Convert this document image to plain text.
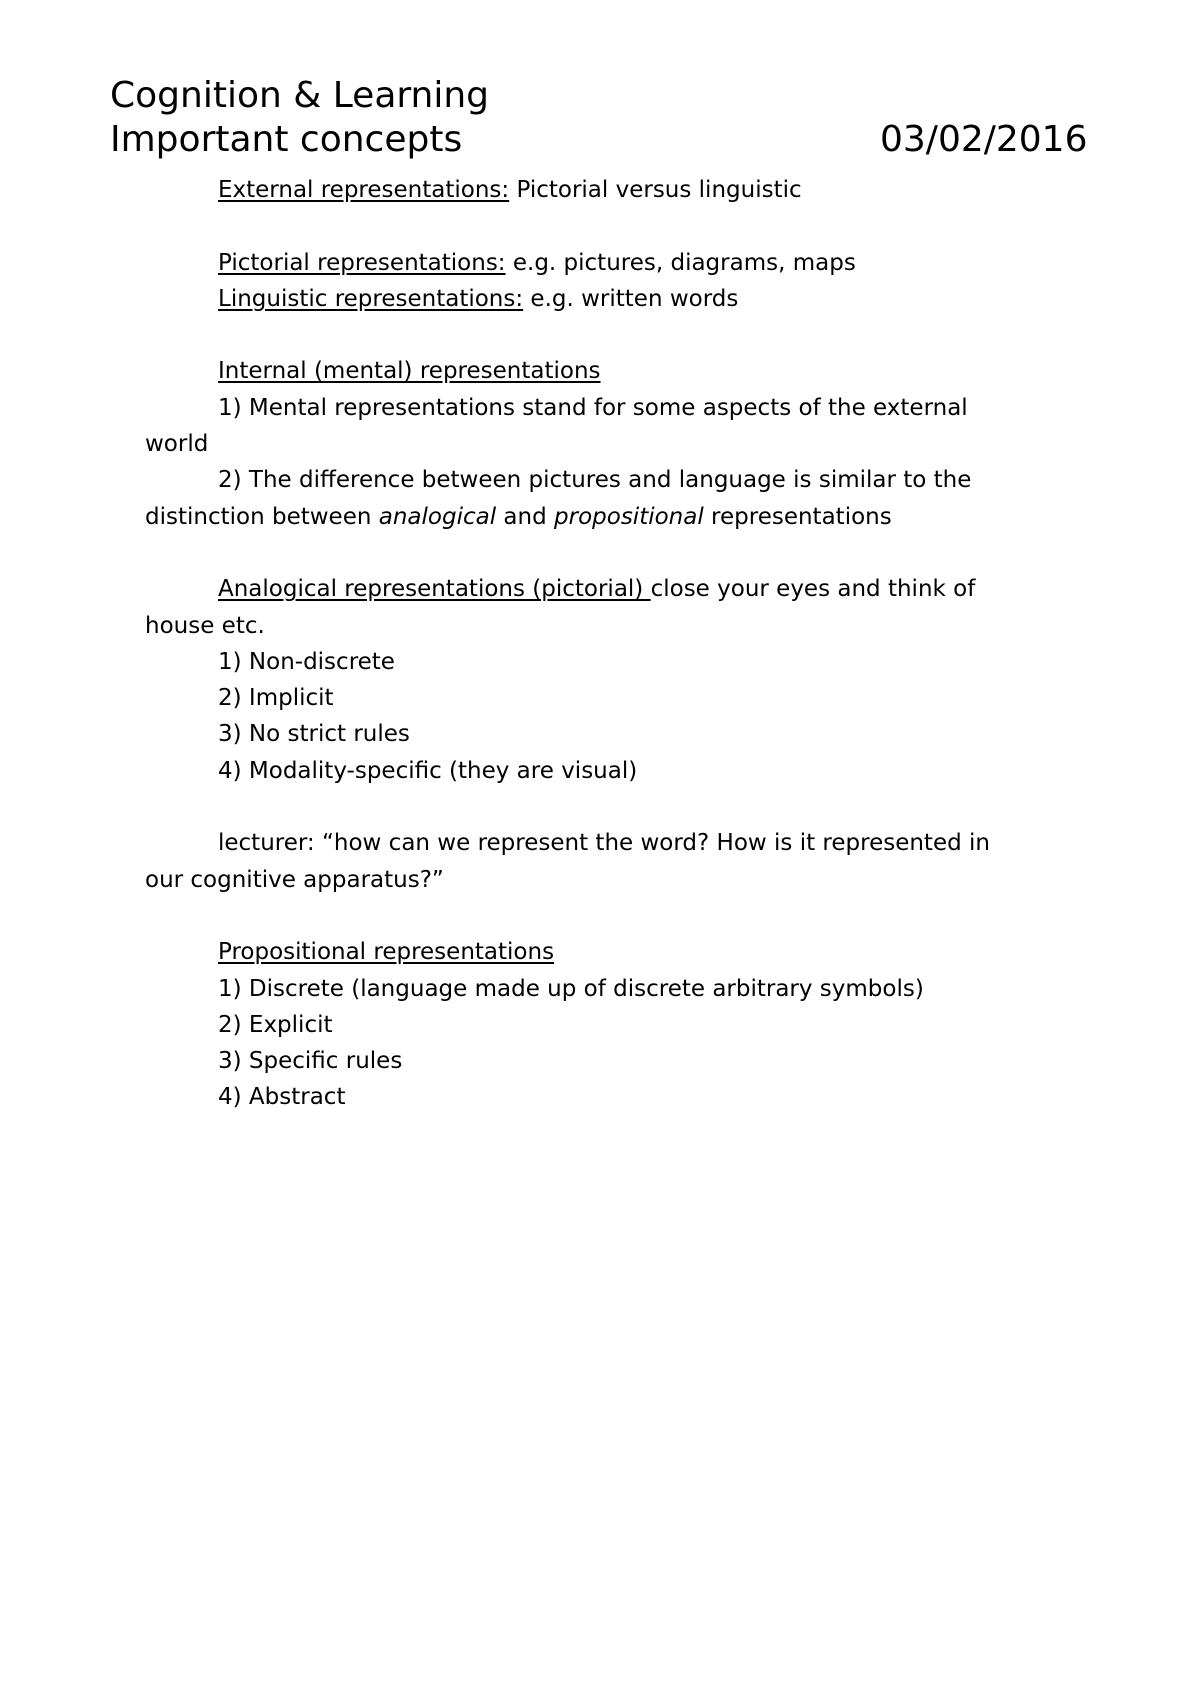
Cognition & Learning
Important concepts	03/02/2016
External representations: Pictorial versus linguistic
Pictorial representations: e.g. pictures, diagrams, maps
Linguistic representations: e.g. written words
Internal (mental) representations
1) Mental representations stand for some aspects of the external
world
2) The difference between pictures and language is similar to the
distinction between analogical and propositional representations
Analogical representations (pictorial) close your eyes and think of
house etc.
1) Non-discrete
2) Implicit
3) No strict rules
4) Modality-specific (they are visual)
lecturer: “how can we represent the word? How is it represented in
our cognitive apparatus?”
Propositional representations
1) Discrete (language made up of discrete arbitrary symbols)
2) Explicit
3) Specific rules
4) Abstract
